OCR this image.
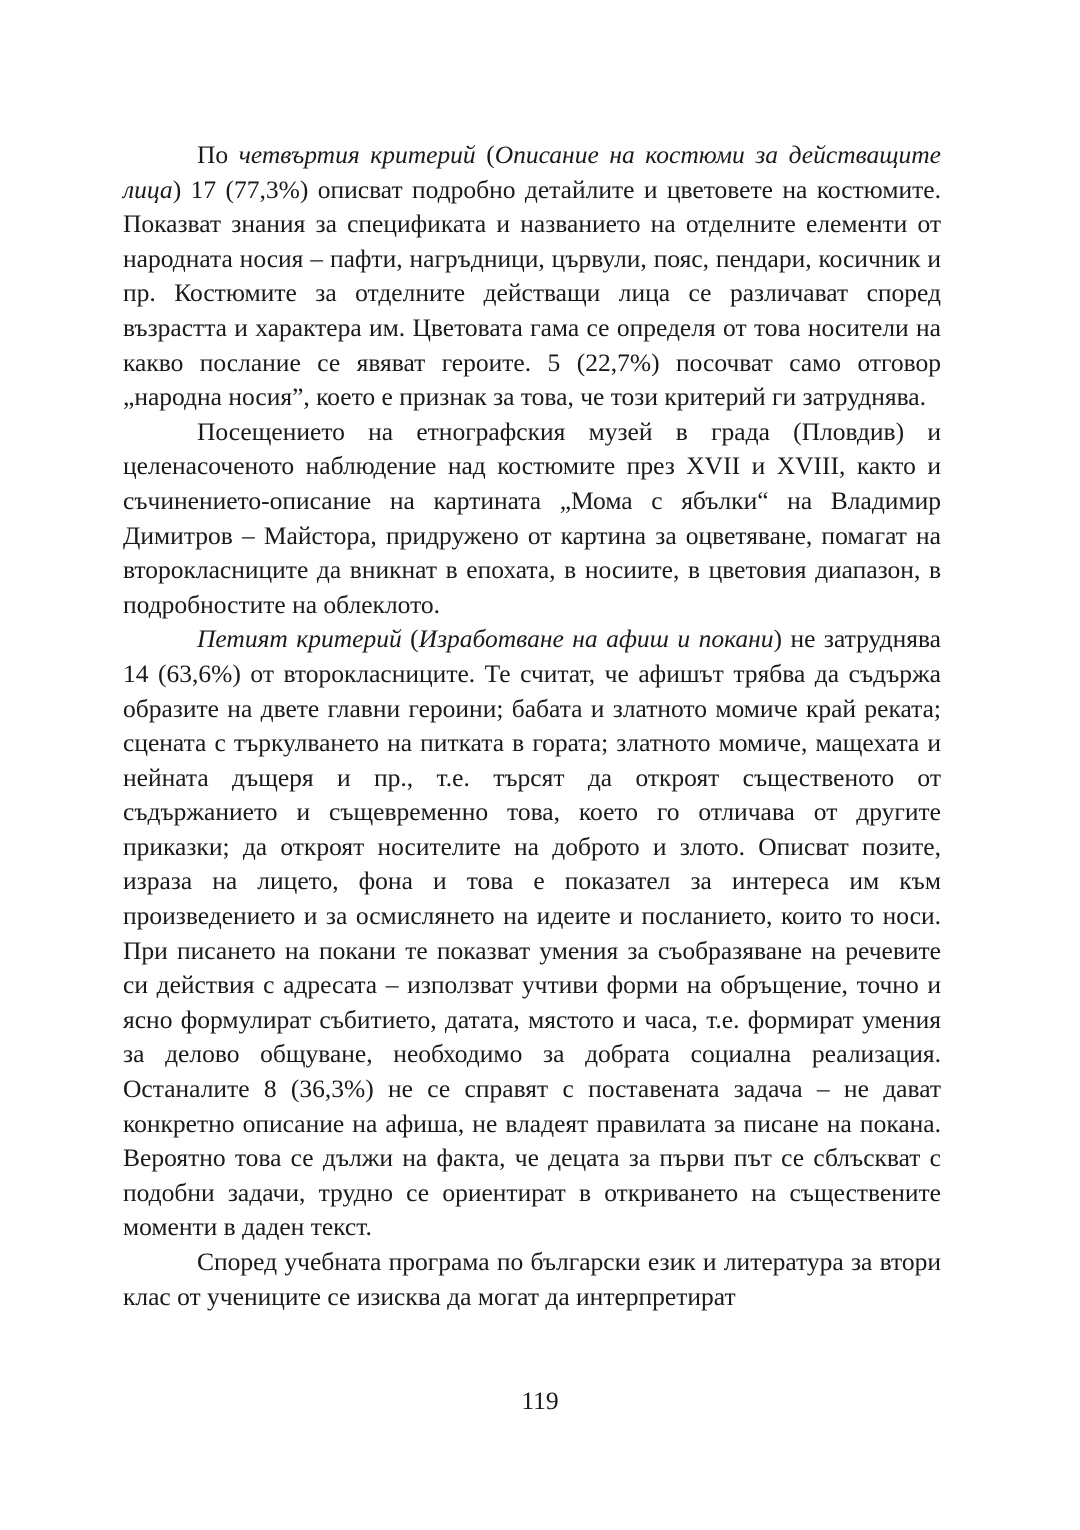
По четвъртия критерий (Описание на костюми за действащите лица) 17 (77,3%) описват подробно детайлите и цветовете на костюмите. Показват знания за спецификата и названието на отделните елементи от народната носия – пафти, нагръдници, цървули, пояс, пендари, косичник и пр. Костюмите за отделните действащи лица се различават според възрастта и характера им. Цветовата гама се определя от това носители на какво послание се явяват героите. 5 (22,7%) посочват само отговор „народна носия”, което е признак за това, че този критерий ги затруднява.

Посещението на етнографския музей в града (Пловдив) и целенасоченото наблюдение над костюмите през XVII и XVIII, както и съчинението-описание на картината „Мома с ябълки“ на Владимир Димитров – Майстора, придружено от картина за оцветяване, помагат на второкласниците да вникнат в епохата, в носиите, в цветовия диапазон, в подробностите на облеклото.

Петият критерий (Изработване на афиш и покани) не затруднява 14 (63,6%) от второкласниците. Те считат, че афишът трябва да съдържа образите на двете главни героини; бабата и златното момиче край реката; сцената с търкулването на питката в гората; златното момиче, мащехата и нейната дъщеря и пр., т.е. търсят да откроят същественото от съдържанието и същевременно това, което го отличава от другите приказки; да откроят носителите на доброто и злото. Описват позите, израза на лицето, фона и това е показател за интереса им към произведението и за осмислянето на идеите и посланието, които то носи. При писането на покани те показват умения за съобразяване на речевите си действия с адресата – използват учтиви форми на обръщение, точно и ясно формулират събитието, датата, мястото и часа, т.е. формират умения за делово общуване, необходимо за добрата социална реализация. Останалите 8 (36,3%) не се справят с поставената задача – не дават конкретно описание на афиша, не владеят правилата за писане на покана. Вероятно това се дължи на факта, че децата за първи път се сблъскват с подобни задачи, трудно се ориентират в откриването на съществените моменти в даден текст.

Според учебната програма по български език и литература за втори клас от учениците се изисква да могат да интерпретират

119
